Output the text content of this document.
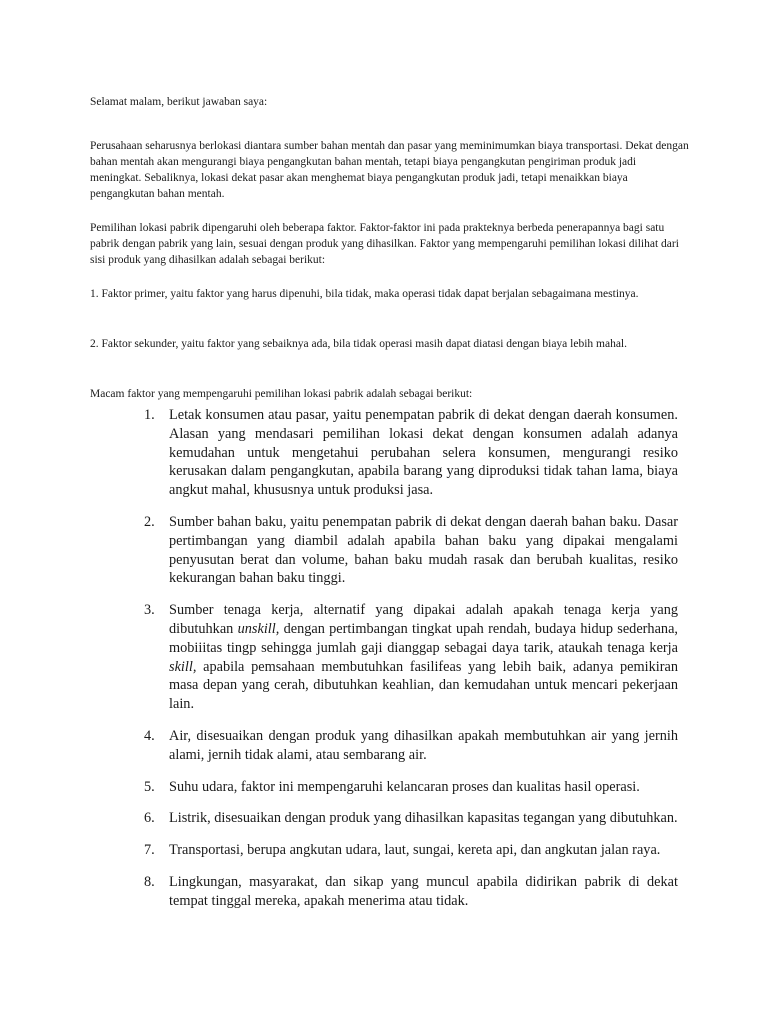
Selamat malam, berikut jawaban saya:

Perusahaan seharusnya berlokasi diantara sumber bahan mentah dan pasar yang meminimumkan biaya transportasi. Dekat dengan bahan mentah akan mengurangi biaya pengangkutan bahan mentah, tetapi biaya pengangkutan pengiriman produk jadi meningkat. Sebaliknya, lokasi dekat pasar akan menghemat biaya pengangkutan produk jadi, tetapi menaikkan biaya pengangkutan bahan mentah.

Pemilihan lokasi pabrik dipengaruhi oleh beberapa faktor. Faktor-faktor ini pada prakteknya berbeda penerapannya bagi satu pabrik dengan pabrik yang lain, sesuai dengan produk yang dihasilkan. Faktor yang mempengaruhi pemilihan lokasi dilihat dari sisi produk yang dihasilkan adalah sebagai berikut:

1. Faktor primer, yaitu faktor yang harus dipenuhi, bila tidak, maka operasi tidak dapat berjalan sebagaimana mestinya.

2. Faktor sekunder, yaitu faktor yang sebaiknya ada, bila tidak operasi masih dapat diatasi dengan biaya lebih mahal.

Macam faktor yang mempengaruhi pemilihan lokasi pabrik adalah sebagai berikut:

1. Letak konsumen atau pasar, yaitu penempatan pabrik di dekat dengan daerah konsumen. Alasan yang mendasari pemilihan lokasi dekat dengan konsumen adalah adanya kemudahan untuk mengetahui perubahan selera konsumen, mengurangi resiko kerusakan dalam pengangkutan, apabila barang yang diproduksi tidak tahan lama, biaya angkut mahal, khususnya untuk produksi jasa.
2. Sumber bahan baku, yaitu penempatan pabrik di dekat dengan daerah bahan baku. Dasar pertimbangan yang diambil adalah apabila bahan baku yang dipakai mengalami penyusutan berat dan volume, bahan baku mudah rasak dan berubah kualitas, resiko kekurangan bahan baku tinggi.
3. Sumber tenaga kerja, alternatif yang dipakai adalah apakah tenaga kerja yang dibutuhkan unskill, dengan pertimbangan tingkat upah rendah, budaya hidup sederhana, mobiiitas tingp sehingga jumlah gaji dianggap sebagai daya tarik, ataukah tenaga kerja skill, apabila pemsahaan membutuhkan fasilifeas yang lebih baik, adanya pemikiran masa depan yang cerah, dibutuhkan keahlian, dan kemudahan untuk mencari pekerjaan lain.
4. Air, disesuaikan dengan produk yang dihasilkan apakah membutuhkan air yang jernih alami, jernih tidak alami, atau sembarang air.
5. Suhu udara, faktor ini mempengaruhi kelancaran proses dan kualitas hasil operasi.
6. Listrik, disesuaikan dengan produk yang dihasilkan kapasitas tegangan yang dibutuhkan.
7. Transportasi, berupa angkutan udara, laut, sungai, kereta api, dan angkutan jalan raya.
8. Lingkungan, masyarakat, dan sikap yang muncul apabila didirikan pabrik di dekat tempat tinggal mereka, apakah menerima atau tidak.
